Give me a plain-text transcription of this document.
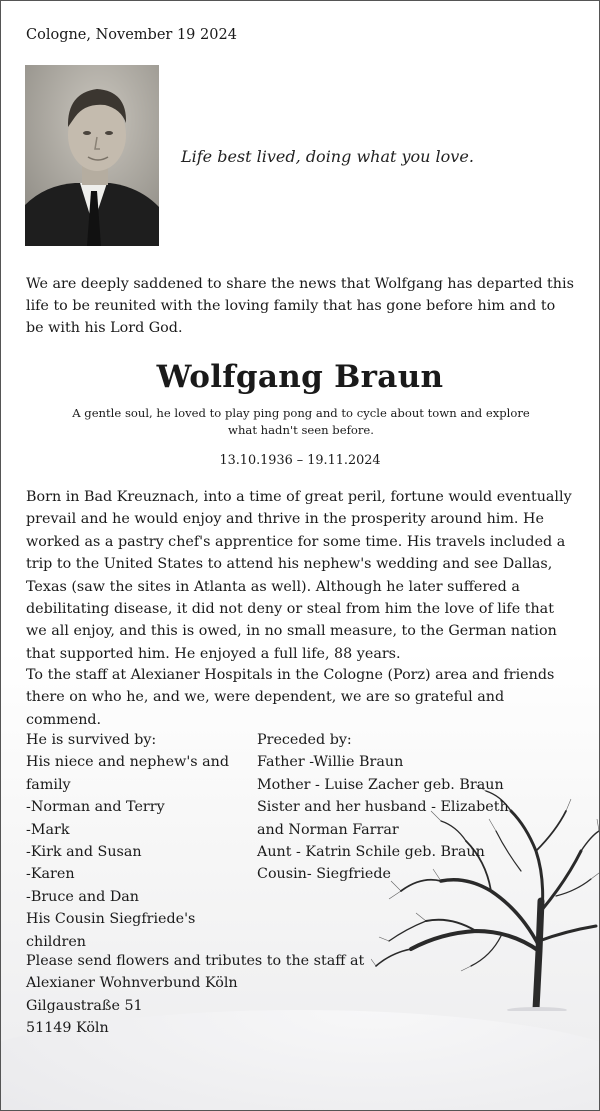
Cologne, November 19 2024
Life best lived, doing what you love.
We are deeply saddened to share the news that Wolfgang has departed this life to be reunited with the loving family that has gone before him and to be with his Lord God.
Wolfgang Braun
A gentle soul, he loved to play ping pong and to cycle about town and explore what hadn't seen before.
13.10.1936 – 19.11.2024
Born in Bad Kreuznach, into a time of great peril, fortune would eventually prevail and he would enjoy and thrive in the prosperity around him. He worked as a pastry chef's apprentice for some time. His travels included a trip to the United States to attend his nephew's wedding and see Dallas, Texas (saw the sites in Atlanta as well). Although he later suffered a debilitating disease, it did not deny or steal from him the love of life that we all enjoy, and this is owed, in no small measure, to the German nation that supported him. He enjoyed a full life, 88 years.
To the staff at Alexianer Hospitals in the Cologne (Porz) area and friends there on who he, and we, were dependent, we are so grateful and commend.
He is survived by:
His niece and nephew's and family
-Norman and Terry
-Mark
-Kirk and Susan
-Karen
-Bruce and Dan
His Cousin Siegfriede's children
Preceded by:
Father -Willie Braun
Mother - Luise Zacher geb. Braun
Sister and her husband - Elizabeth and Norman Farrar
Aunt - Katrin Schile geb. Braun
Cousin- Siegfriede
Please send flowers and tributes to the staff at
Alexianer Wohnverbund Köln
Gilgaustraße 51
51149 Köln
